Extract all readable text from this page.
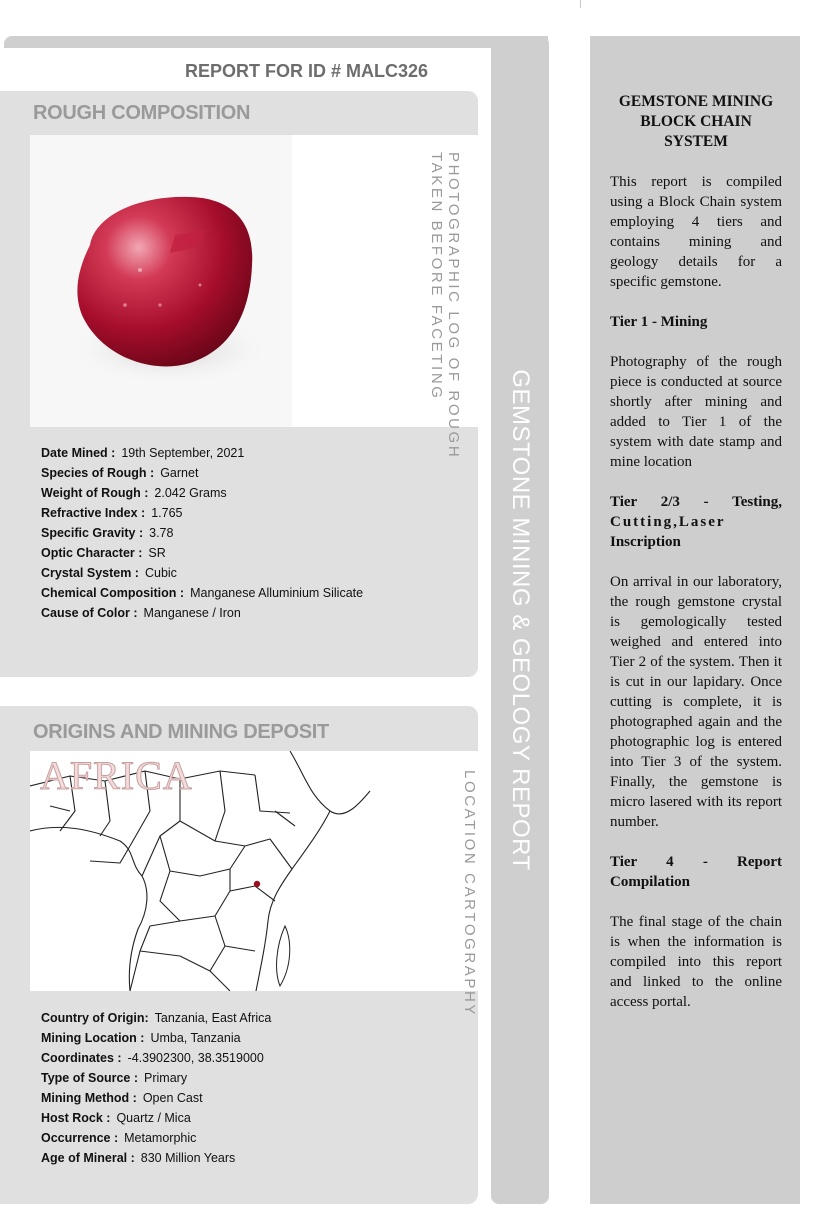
GEMSTONE MINING & GEOLOGY REPORT
REPORT FOR ID # MALC326
ROUGH COMPOSITION
PHOTOGRAPHIC LOG OF ROUGH
TAKEN BEFORE FACETING
Date Mined : 19th September, 2021
Species of Rough : Garnet
Weight of Rough : 2.042 Grams
Refractive Index : 1.765
Specific Gravity : 3.78
Optic Character : SR
Crystal System : Cubic
Chemical Composition : Manganese Alluminium Silicate
Cause of Color : Manganese / Iron
ORIGINS AND MINING DEPOSIT
AFRICA	LOCATION CARTOGRAPHY
Country of Origin: Tanzania, East Africa
Mining Location : Umba, Tanzania
Coordinates : -4.3902300, 38.3519000
Type of Source : Primary
Mining Method : Open Cast
Host Rock : Quartz / Mica
Occurrence : Metamorphic
Age of Mineral : 830 Million Years
GEMSTONE MINING BLOCK CHAIN SYSTEM

This report is compiled using a Block Chain system employing 4 tiers and contains mining and geology details for a specific gemstone.

Tier 1 - Mining

Photography of the rough piece is conducted at source shortly after mining and added to Tier 1 of the system with date stamp and mine location

Tier 2/3 - Testing,
Cutting,Laser
Inscription

On arrival in our laboratory, the rough gemstone crystal is gemologically tested weighed and entered into Tier 2 of the system. Then it is cut in our lapidary. Once cutting is complete, it is photographed again and the photographic log is entered into Tier 3 of the system. Finally, the gemstone is micro lasered with its report number.

Tier 4 - Report
Compilation

The final stage of the chain is when the information is compiled into this report and linked to the online access portal.
